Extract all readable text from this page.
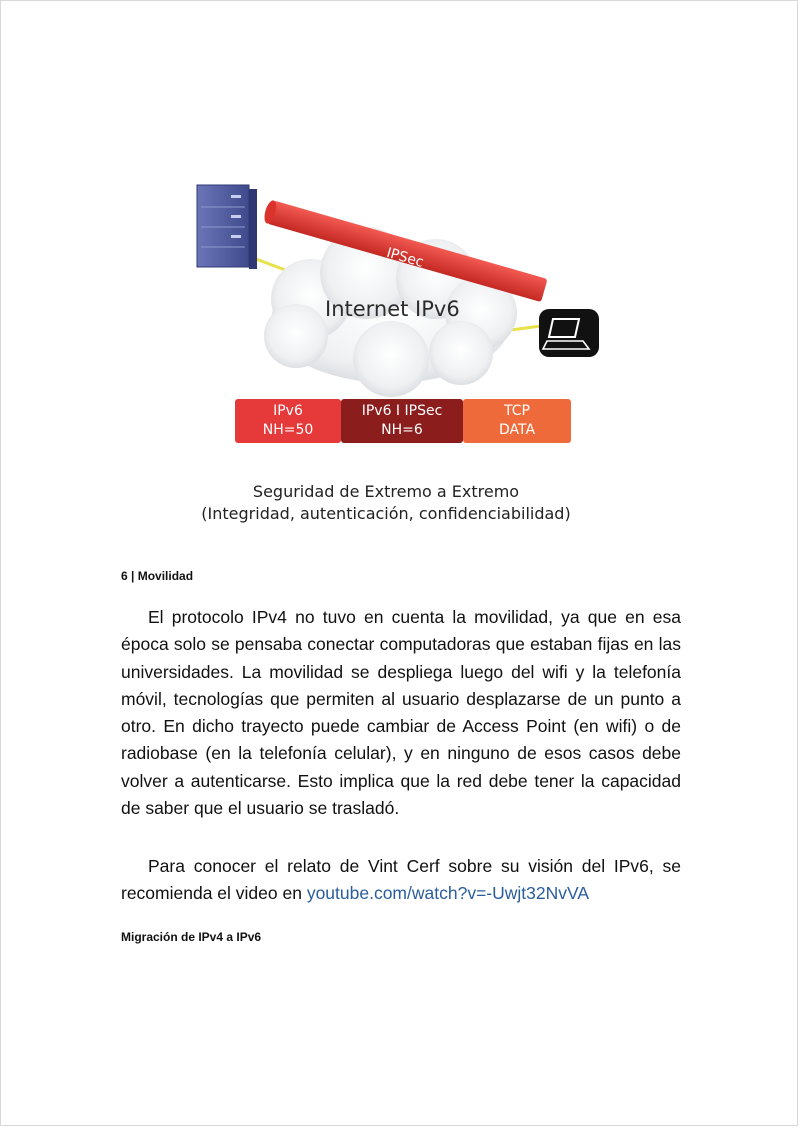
IPSec
Internet IPv6
IPv6
NH=50
IPv6 I IPSec
NH=6
TCP
DATA
Seguridad de Extremo a Extremo
(Integridad, autenticación, confidenciabilidad)
6 | Movilidad

El protocolo IPv4 no tuvo en cuenta la movilidad, ya que en esa época solo se pensaba conectar computadoras que estaban fijas en las universidades. La movilidad se despliega luego del wifi y la telefonía móvil, tecnologías que permiten al usuario desplazarse de un punto a otro. En dicho trayecto puede cambiar de Access Point (en wifi) o de radiobase (en la telefonía celular), y en ninguno de esos casos debe volver a autenticarse. Esto implica que la red debe tener la capacidad de saber que el usuario se trasladó.

Para conocer el relato de Vint Cerf sobre su visión del IPv6, se recomienda el video en youtube.com/watch?v=-Uwjt32NvVA

Migración de IPv4 a IPv6
